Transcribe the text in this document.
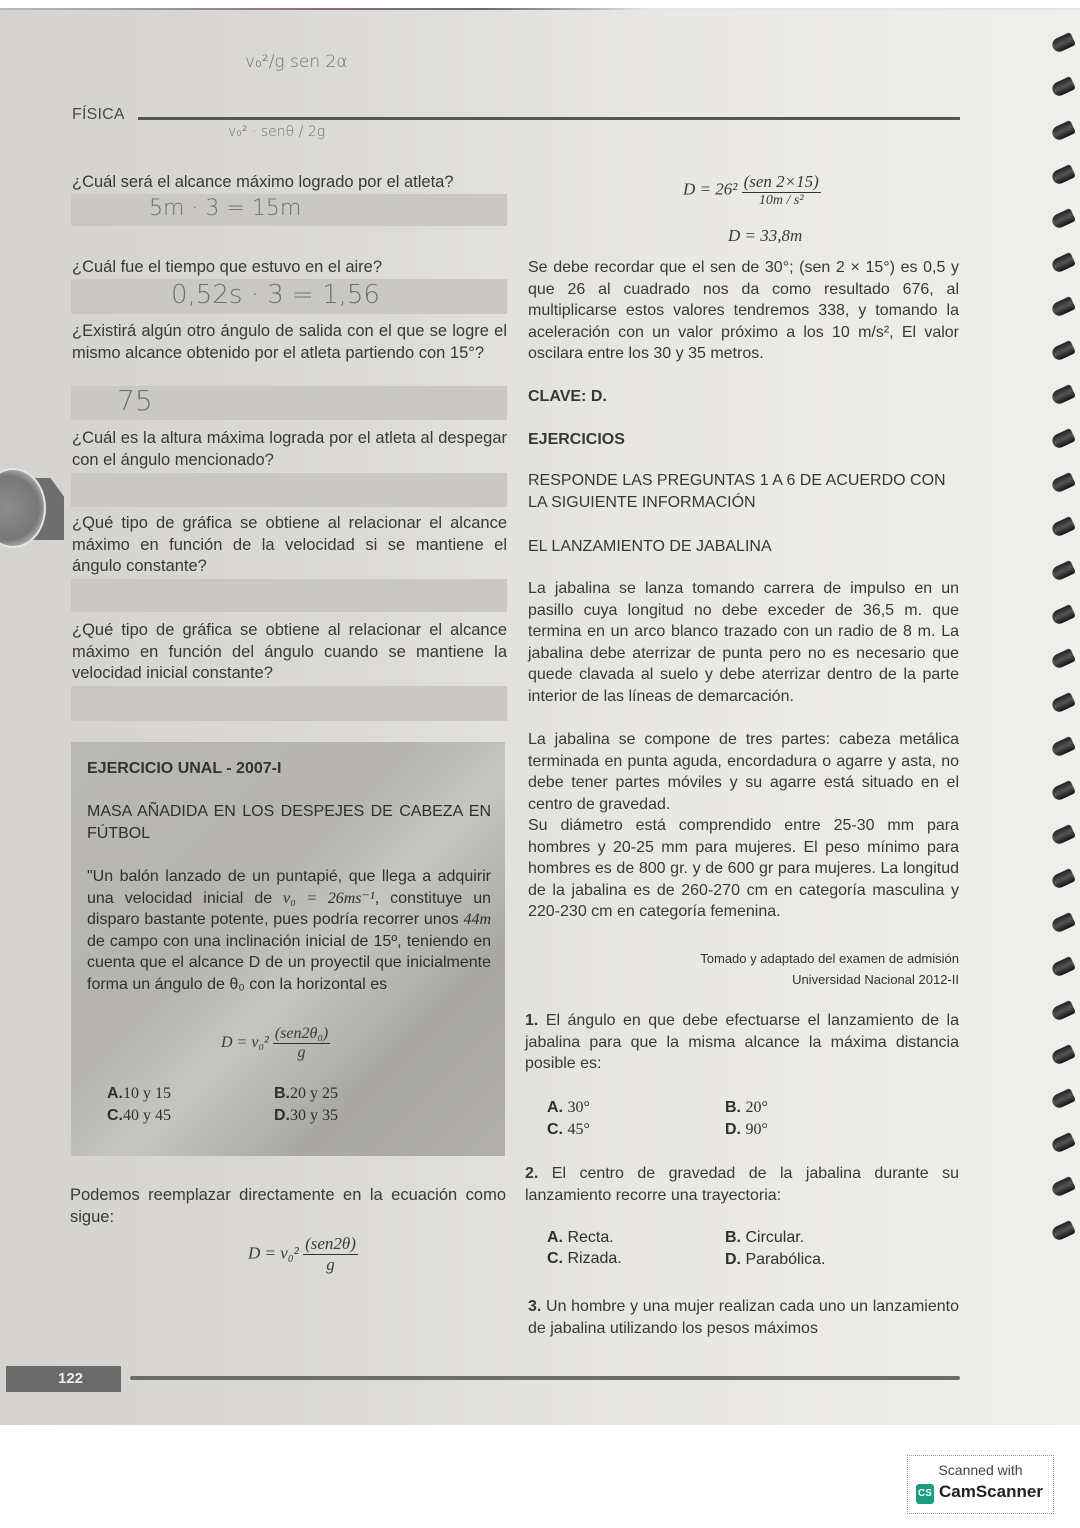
v₀²/g sen 2α
FÍSICA
v₀² · senθ / 2g
¿Cuál será el alcance máximo logrado por el atleta?
5m · 3 = 15m
¿Cuál fue el tiempo que estuvo en el aire?
0,52s · 3 = 1,56
¿Existirá algún otro ángulo de salida con el que se logre el mismo alcance obtenido por el atleta partiendo con 15°?
75
¿Cuál es la altura máxima lograda por el atleta al despegar con el ángulo mencionado?
¿Qué tipo de gráfica se obtiene al relacionar el alcance máximo en función de la velocidad si se mantiene el ángulo constante?
¿Qué tipo de gráfica se obtiene al relacionar el alcance máximo en función del ángulo cuando se mantiene la velocidad inicial constante?
EJERCICIO UNAL - 2007-I
MASA AÑADIDA EN LOS DESPEJES DE CABEZA EN FÚTBOL
"Un balón lanzado de un puntapié, que llega a adquirir una velocidad inicial de v₀ = 26ms⁻¹, constituye un disparo bastante potente, pues podría recorrer unos 44m de campo con una inclinación inicial de 15º, teniendo en cuenta que el alcance D de un proyectil que inicialmente forma un ángulo de θ₀ con la horizontal es
$D = v_0^2 \frac{\text{(sen2θ₀)}}{g}$
A.10 y 15	B.20 y 25
C.40 y 45	D.30 y 35
Podemos reemplazar directamente en la ecuación como sigue:
$D = v_0^2 \frac{\text{(sen2θ)}}{g}$
$D = 26^2 \frac{\text{(sen 2×15)}}{\text{10m / s²}}$
D = 33,8m
Se debe recordar que el sen de 30°; (sen 2 × 15°) es 0,5 y que 26 al cuadrado nos da como resultado 676, al multiplicarse estos valores tendremos 338, y tomando la aceleración con un valor próximo a los 10 m/s², El valor oscilara entre los 30 y 35 metros.
CLAVE: D.
EJERCICIOS
RESPONDE LAS PREGUNTAS 1 A 6 DE ACUERDO CON LA SIGUIENTE INFORMACIÓN
EL LANZAMIENTO DE JABALINA
La jabalina se lanza tomando carrera de impulso en un pasillo cuya longitud no debe exceder de 36,5 m. que termina en un arco blanco trazado con un radio de 8 m. La jabalina debe aterrizar de punta pero no es necesario que quede clavada al suelo y debe aterrizar dentro de la parte interior de las líneas de demarcación.
La jabalina se compone de tres partes: cabeza metálica terminada en punta aguda, encordadura o agarre y asta, no debe tener partes móviles y su agarre está situado en el centro de gravedad.
Su diámetro está comprendido entre 25-30 mm para hombres y 20-25 mm para mujeres. El peso mínimo para hombres es de 800 gr. y de 600 gr para mujeres. La longitud de la jabalina es de 260-270 cm en categoría masculina y 220-230 cm en categoría femenina.
Tomado y adaptado del examen de admisión
Universidad Nacional 2012-II
1. El ángulo en que debe efectuarse el lanzamiento de la jabalina para que la misma alcance la máxima distancia posible es:
A. 30°	B. 20°
C. 45°	D. 90°
2. El centro de gravedad de la jabalina durante su lanzamiento recorre una trayectoria:
A. Recta.	B. Circular.
C. Rizada.	D. Parabólica.
3. Un hombre y una mujer realizan cada uno un lanzamiento de jabalina utilizando los pesos máximos
122
Scanned with
CS CamScanner
